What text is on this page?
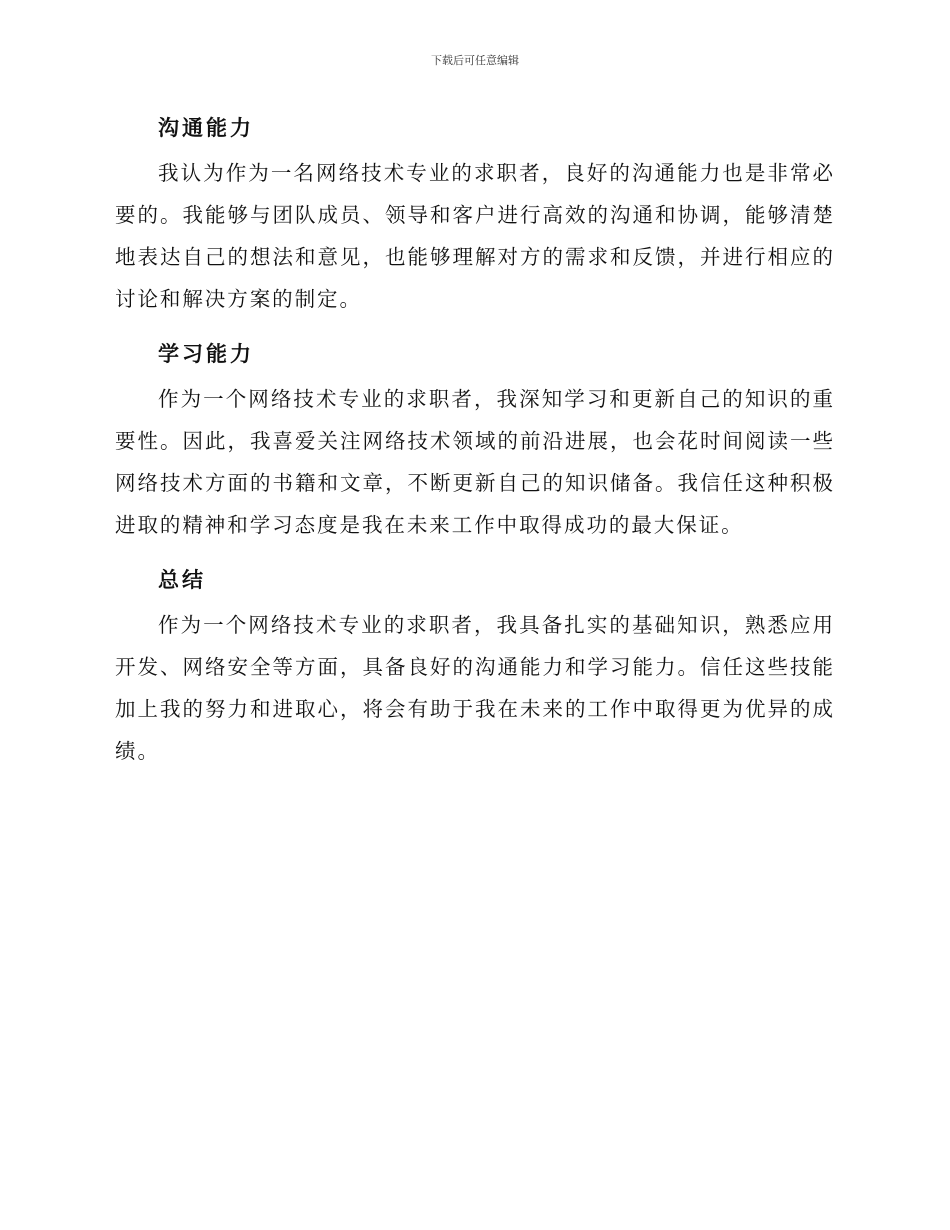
下载后可任意编辑
沟通能力

我认为作为一名网络技术专业的求职者，良好的沟通能力也是非常必要的。我能够与团队成员、领导和客户进行高效的沟通和协调，能够清楚地表达自己的想法和意见，也能够理解对方的需求和反馈，并进行相应的讨论和解决方案的制定。

学习能力

作为一个网络技术专业的求职者，我深知学习和更新自己的知识的重要性。因此，我喜爱关注网络技术领域的前沿进展，也会花时间阅读一些网络技术方面的书籍和文章，不断更新自己的知识储备。我信任这种积极进取的精神和学习态度是我在未来工作中取得成功的最大保证。

总结

作为一个网络技术专业的求职者，我具备扎实的基础知识，熟悉应用开发、网络安全等方面，具备良好的沟通能力和学习能力。信任这些技能加上我的努力和进取心，将会有助于我在未来的工作中取得更为优异的成绩。
